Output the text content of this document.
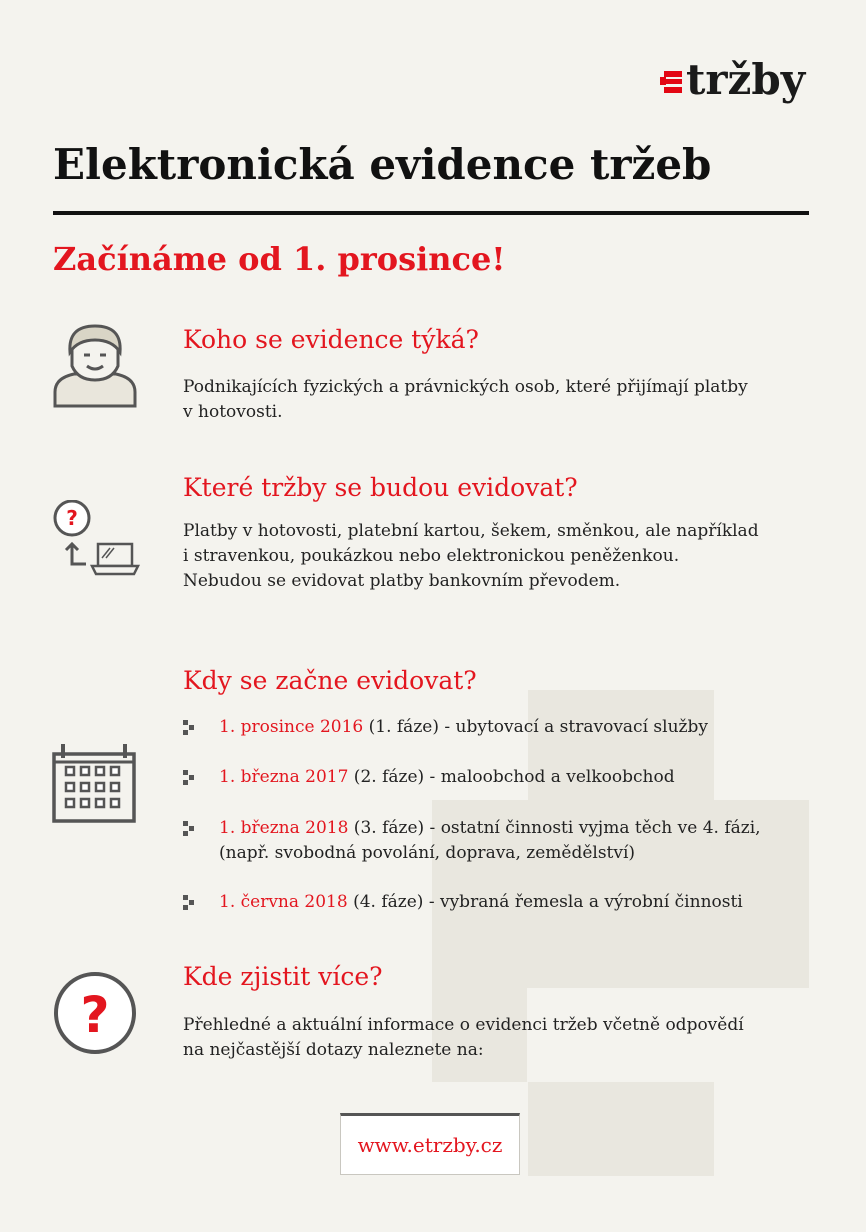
tržby
Elektronická evidence tržeb
Začínáme od 1. prosince!
Koho se evidence týká?

Podnikajících fyzických a právnických osob, které přijímají platby
v hotovosti.

?
Které tržby se budou evidovat?

Platby v hotovosti, platební kartou, šekem, směnkou, ale například
i stravenkou, poukázkou nebo elektronickou peněženkou.
Nebudou se evidovat platby bankovním převodem.

Kdy se začne evidovat?
1. prosince 2016 (1. fáze) - ubytovací a stravovací služby
1. března 2017 (2. fáze) - maloobchod a velkoobchod
1. března 2018 (3. fáze) - ostatní činnosti vyjma těch ve 4. fázi,
(např. svobodná povolání, doprava, zemědělství)
1. června 2018 (4. fáze) - vybraná řemesla a výrobní činnosti
?
Kde zjistit více?

Přehledné a aktuální informace o evidenci tržeb včetně odpovědí
na nejčastější dotazy naleznete na:

www.etrzby.cz
